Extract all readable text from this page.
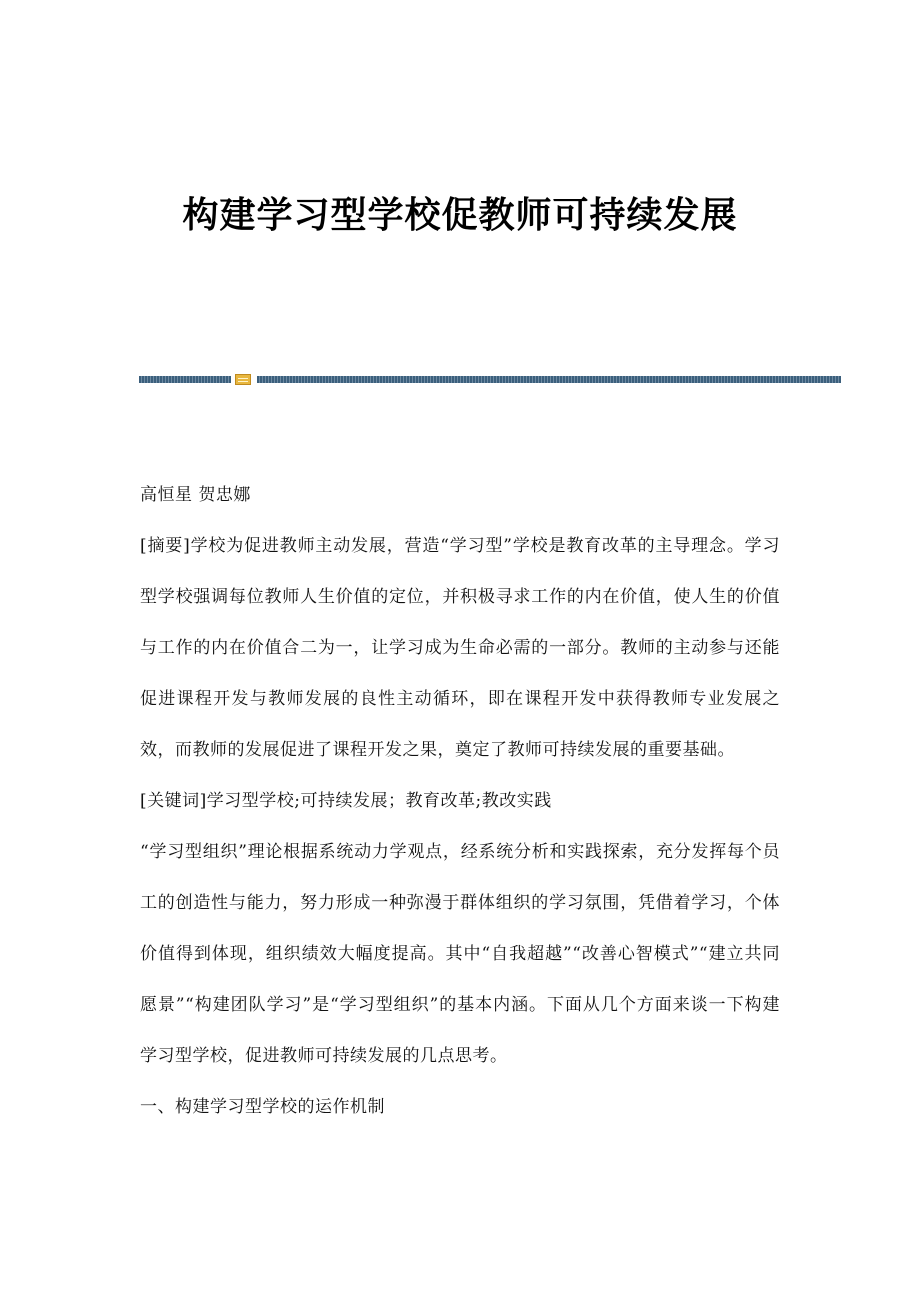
构建学习型学校促教师可持续发展

高恒星 贺忠娜

[摘要]学校为促进教师主动发展，营造“学习型”学校是教育改革的主导理念。学习型学校强调每位教师人生价值的定位，并积极寻求工作的内在价值，使人生的价值与工作的内在价值合二为一，让学习成为生命必需的一部分。教师的主动参与还能促进课程开发与教师发展的良性主动循环，即在课程开发中获得教师专业发展之效，而教师的发展促进了课程开发之果，奠定了教师可持续发展的重要基础。

[关键词]学习型学校;可持续发展；教育改革;教改实践

“学习型组织”理论根据系统动力学观点，经系统分析和实践探索，充分发挥每个员工的创造性与能力，努力形成一种弥漫于群体组织的学习氛围，凭借着学习，个体价值得到体现，组织绩效大幅度提高。其中“自我超越”“改善心智模式”“建立共同愿景”“构建团队学习”是“学习型组织”的基本内涵。下面从几个方面来谈一下构建学习型学校，促进教师可持续发展的几点思考。

一、构建学习型学校的运作机制
